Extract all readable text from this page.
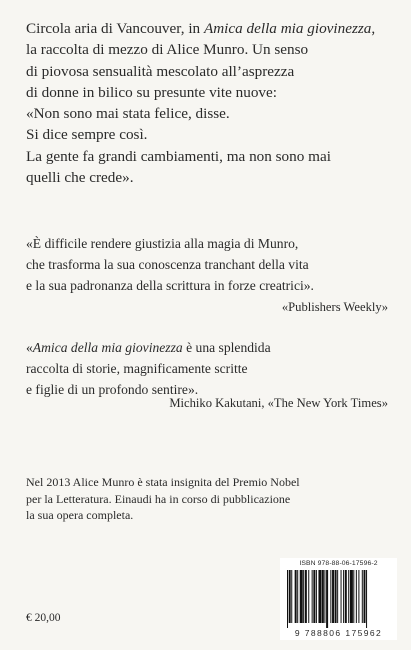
Circola aria di Vancouver, in Amica della mia giovinezza,
la raccolta di mezzo di Alice Munro. Un senso
di piovosa sensualità mescolato all’asprezza
di donne in bilico su presunte vite nuove:
«Non sono mai stata felice, disse.
Si dice sempre così.
La gente fa grandi cambiamenti, ma non sono mai
quelli che crede».
«È difficile rendere giustizia alla magia di Munro,
che trasforma la sua conoscenza tranchant della vita
e la sua padronanza della scrittura in forze creatrici».
«Publishers Weekly»
«Amica della mia giovinezza è una splendida
raccolta di storie, magnificamente scritte
e figlie di un profondo sentire».
Michiko Kakutani, «The New York Times»
Nel 2013 Alice Munro è stata insignita del Premio Nobel
per la Letteratura. Einaudi ha in corso di pubblicazione
la sua opera completa.
€ 20,00
ISBN 978-88-06-17596-2
9 788806 175962
